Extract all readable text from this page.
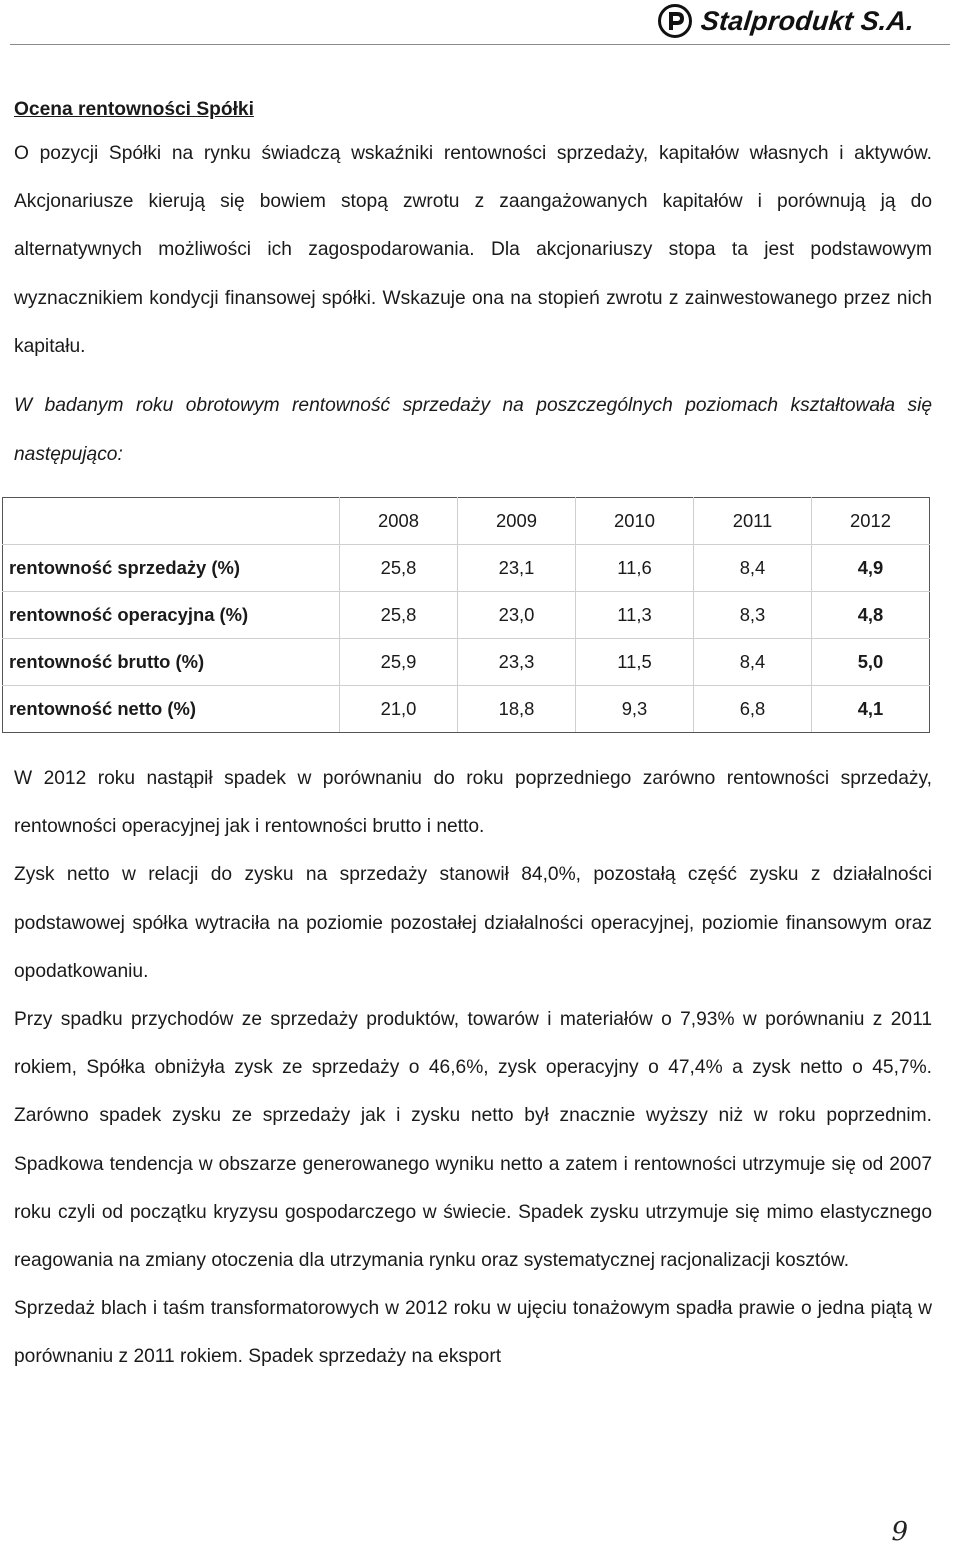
Stalprodukt S.A.

Ocena rentowności Spółki

O pozycji Spółki na rynku świadczą wskaźniki rentowności sprzedaży, kapitałów własnych i aktywów. Akcjonariusze kierują się bowiem stopą zwrotu z zaangażowanych kapitałów i porównują ją do alternatywnych możliwości ich zagospodarowania. Dla akcjonariuszy stopa ta jest podstawowym wyznacznikiem kondycji finansowej spółki. Wskazuje ona na stopień zwrotu z zainwestowanego przez nich kapitału.

W badanym roku obrotowym rentowność sprzedaży na poszczególnych poziomach kształtowała się następująco:

	2008	2009	2010	2011	2012
rentowność sprzedaży (%)	25,8	23,1	11,6	8,4	4,9
rentowność operacyjna (%)	25,8	23,0	11,3	8,3	4,8
rentowność brutto (%)	25,9	23,3	11,5	8,4	5,0
rentowność netto (%)	21,0	18,8	9,3	6,8	4,1

W 2012 roku nastąpił spadek w porównaniu do roku poprzedniego zarówno rentowności sprzedaży, rentowności operacyjnej jak i rentowności brutto i netto.

Zysk netto w relacji do zysku na sprzedaży stanowił 84,0%, pozostałą część zysku z działalności podstawowej spółka wytraciła na poziomie pozostałej działalności operacyjnej, poziomie finansowym oraz opodatkowaniu.

Przy spadku przychodów ze sprzedaży produktów, towarów i materiałów o 7,93% w porównaniu z 2011 rokiem, Spółka obniżyła zysk ze sprzedaży o 46,6%, zysk operacyjny o 47,4% a zysk netto o 45,7%. Zarówno spadek zysku ze sprzedaży jak i zysku netto był znacznie wyższy niż w roku poprzednim. Spadkowa tendencja w obszarze generowanego wyniku netto a zatem i rentowności utrzymuje się od 2007 roku czyli od początku kryzysu gospodarczego w świecie. Spadek zysku utrzymuje się mimo elastycznego reagowania na zmiany otoczenia dla utrzymania rynku oraz systematycznej racjonalizacji kosztów.

Sprzedaż blach i taśm transformatorowych w 2012 roku w ujęciu tonażowym spadła prawie o jedna piątą w porównaniu z 2011 rokiem. Spadek sprzedaży na eksport

9
